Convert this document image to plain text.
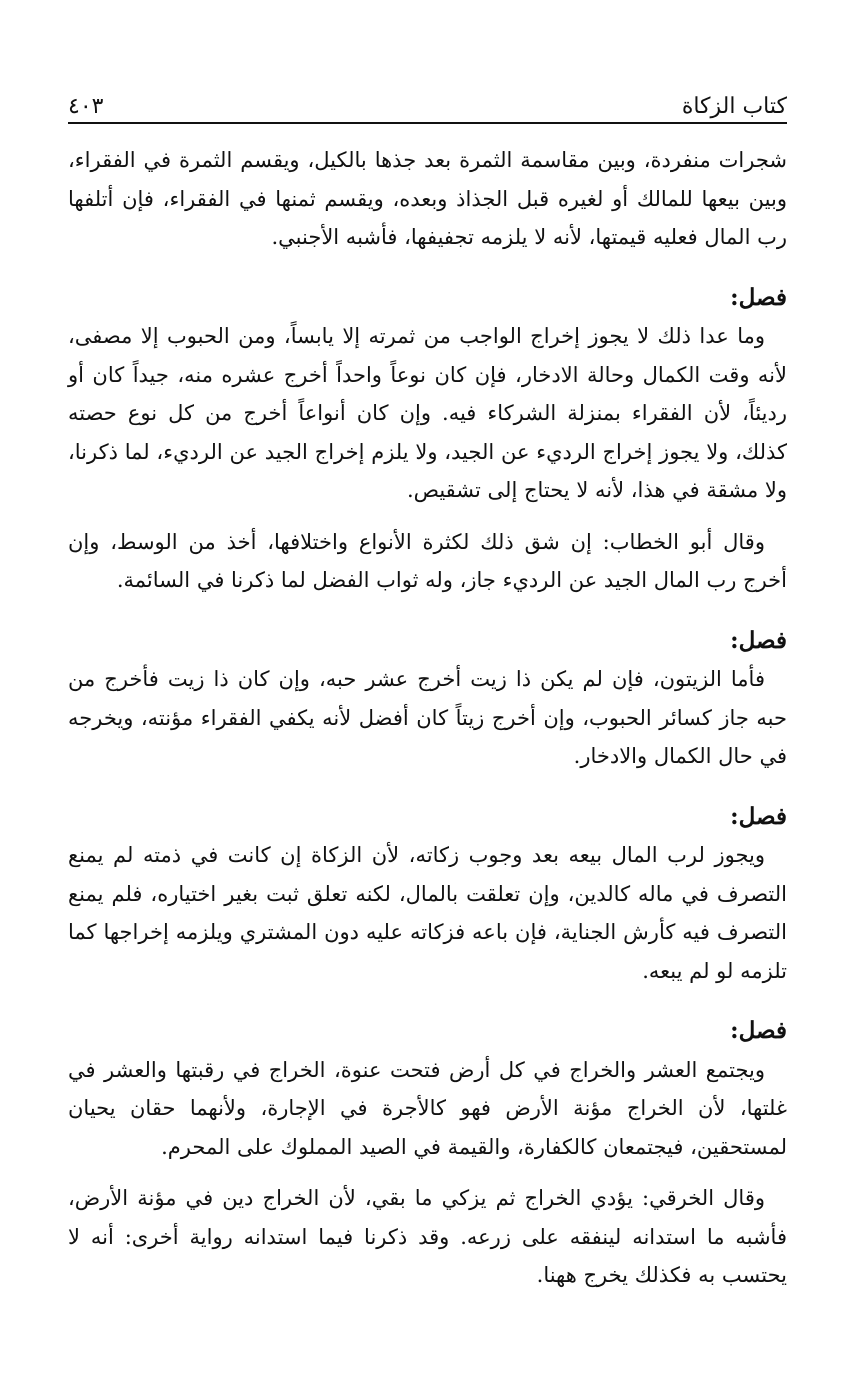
كتاب الزكاة
٤٠٣

شجرات منفردة، وبين مقاسمة الثمرة بعد جذها بالكيل، ويقسم الثمرة في الفقراء، وبين بيعها للمالك أو لغيره قبل الجذاذ وبعده، ويقسم ثمنها في الفقراء، فإن أتلفها رب المال فعليه قيمتها، لأنه لا يلزمه تجفيفها، فأشبه الأجنبي.

فصل:

وما عدا ذلك لا يجوز إخراج الواجب من ثمرته إلا يابساً، ومن الحبوب إلا مصفى، لأنه وقت الكمال وحالة الادخار، فإن كان نوعاً واحداً أخرج عشره منه، جيداً كان أو رديئاً، لأن الفقراء بمنزلة الشركاء فيه. وإن كان أنواعاً أخرج من كل نوع حصته كذلك، ولا يجوز إخراج الرديء عن الجيد، ولا يلزم إخراج الجيد عن الرديء، لما ذكرنا، ولا مشقة في هذا، لأنه لا يحتاج إلى تشقيص.

وقال أبو الخطاب: إن شق ذلك لكثرة الأنواع واختلافها، أخذ من الوسط، وإن أخرج رب المال الجيد عن الرديء جاز، وله ثواب الفضل لما ذكرنا في السائمة.

فصل:

فأما الزيتون، فإن لم يكن ذا زيت أخرج عشر حبه، وإن كان ذا زيت فأخرج من حبه جاز كسائر الحبوب، وإن أخرج زيتاً كان أفضل لأنه يكفي الفقراء مؤنته، ويخرجه في حال الكمال والادخار.

فصل:

ويجوز لرب المال بيعه بعد وجوب زكاته، لأن الزكاة إن كانت في ذمته لم يمنع التصرف في ماله كالدين، وإن تعلقت بالمال، لكنه تعلق ثبت بغير اختياره، فلم يمنع التصرف فيه كأرش الجناية، فإن باعه فزكاته عليه دون المشتري ويلزمه إخراجها كما تلزمه لو لم يبعه.

فصل:

ويجتمع العشر والخراج في كل أرض فتحت عنوة، الخراج في رقبتها والعشر في غلتها، لأن الخراج مؤنة الأرض فهو كالأجرة في الإجارة، ولأنهما حقان يحيان لمستحقين، فيجتمعان كالكفارة، والقيمة في الصيد المملوك على المحرم.

وقال الخرقي: يؤدي الخراج ثم يزكي ما بقي، لأن الخراج دين في مؤنة الأرض، فأشبه ما استدانه لينفقه على زرعه. وقد ذكرنا فيما استدانه رواية أخرى: أنه لا يحتسب به فكذلك يخرج ههنا.
